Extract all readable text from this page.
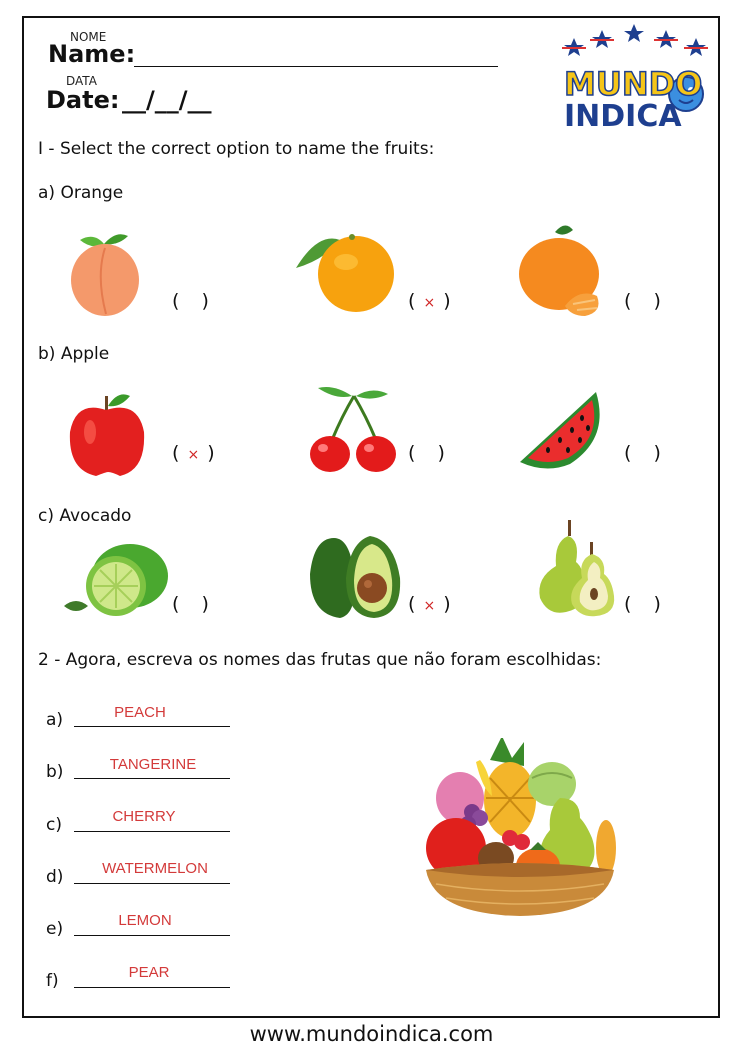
NOME
Name:
DATA
Date: __/__/__	MUNDO
INDICA
I - Select the correct option to name the fruits:
a) Orange
(   )	( × )	(   )
b) Apple
( × )	(   )	(   )
c) Avocado
(   )	( × )	(   )
2 - Agora, escreva os nomes das frutas que não foram escolhidas:
a)	PEACH
b)	TANGERINE
c)	CHERRY
d)	WATERMELON
e)	LEMON
f)	PEAR
www.mundoindica.com
